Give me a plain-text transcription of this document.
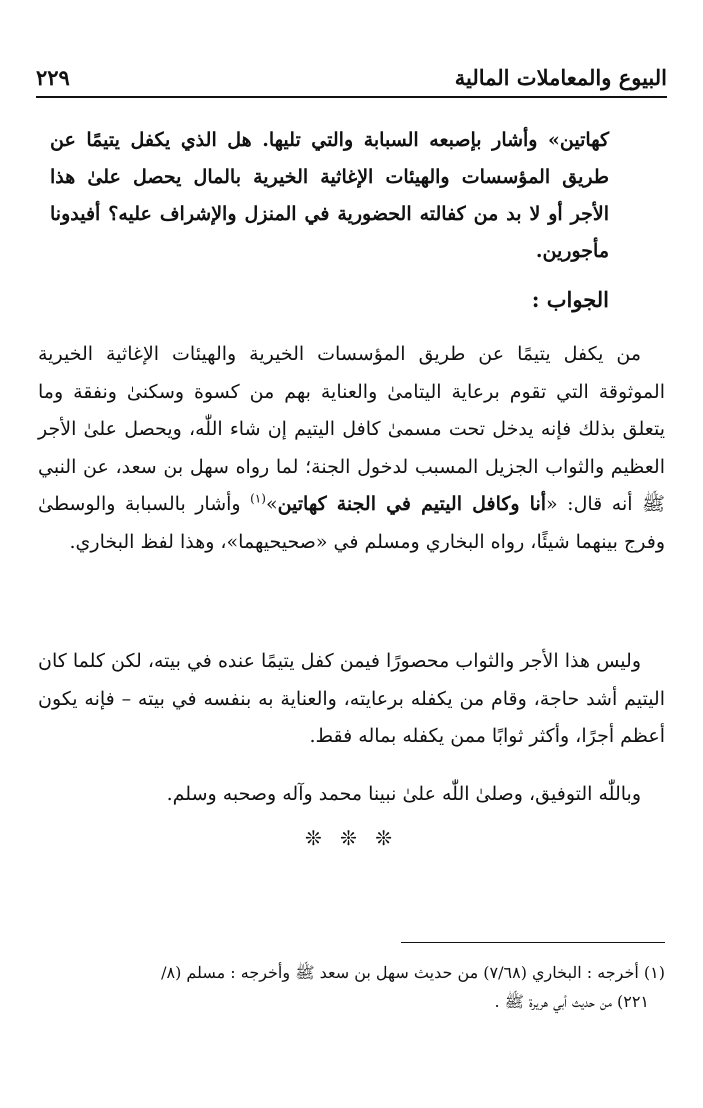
البيوع والمعاملات المالية
٢٢٩
كهاتين» وأشار بإصبعه السبابة والتي تليها. هل الذي يكفل يتيمًا عن طريق المؤسسات والهيئات الإغاثية الخيرية بالمال يحصل علىٰ هذا الأجر أو لا بد من كفالته الحضورية في المنزل والإشراف عليه؟ أفيدونا مأجورين.
الجواب :
من يكفل يتيمًا عن طريق المؤسسات الخيرية والهيئات الإغاثية الخيرية الموثوقة التي تقوم برعاية اليتامىٰ والعناية بهم من كسوة وسكنىٰ ونفقة وما يتعلق بذلك فإنه يدخل تحت مسمىٰ كافل اليتيم إن شاء اللّٰه، ويحصل علىٰ الأجر العظيم والثواب الجزيل المسبب لدخول الجنة؛ لما رواه سهل بن سعد، عن النبي ﷺ أنه قال: «أنا وكافل اليتيم في الجنة كهاتين»$^{(١)}$ وأشار بالسبابة والوسطىٰ وفرج بينهما شيئًا، رواه البخاري ومسلم في «صحيحيهما»، وهذا لفظ البخاري.
وليس هذا الأجر والثواب محصورًا فيمن كفل يتيمًا عنده في بيته، لكن كلما كان اليتيم أشد حاجة، وقام من يكفله برعايته، والعناية به بنفسه في بيته – فإنه يكون أعظم أجرًا، وأكثر ثوابًا ممن يكفله بماله فقط.
وباللّٰه التوفيق، وصلىٰ اللّٰه علىٰ نبينا محمد وآله وصحبه وسلم.
❊ ❊ ❊
(١) أخرجه : البخاري (٧/٦٨) من حديث سهل بن سعد ﷺ وأخرجه : مسلم (٨/
٢٢١) من حديث أبي هريرة ﷺ .
